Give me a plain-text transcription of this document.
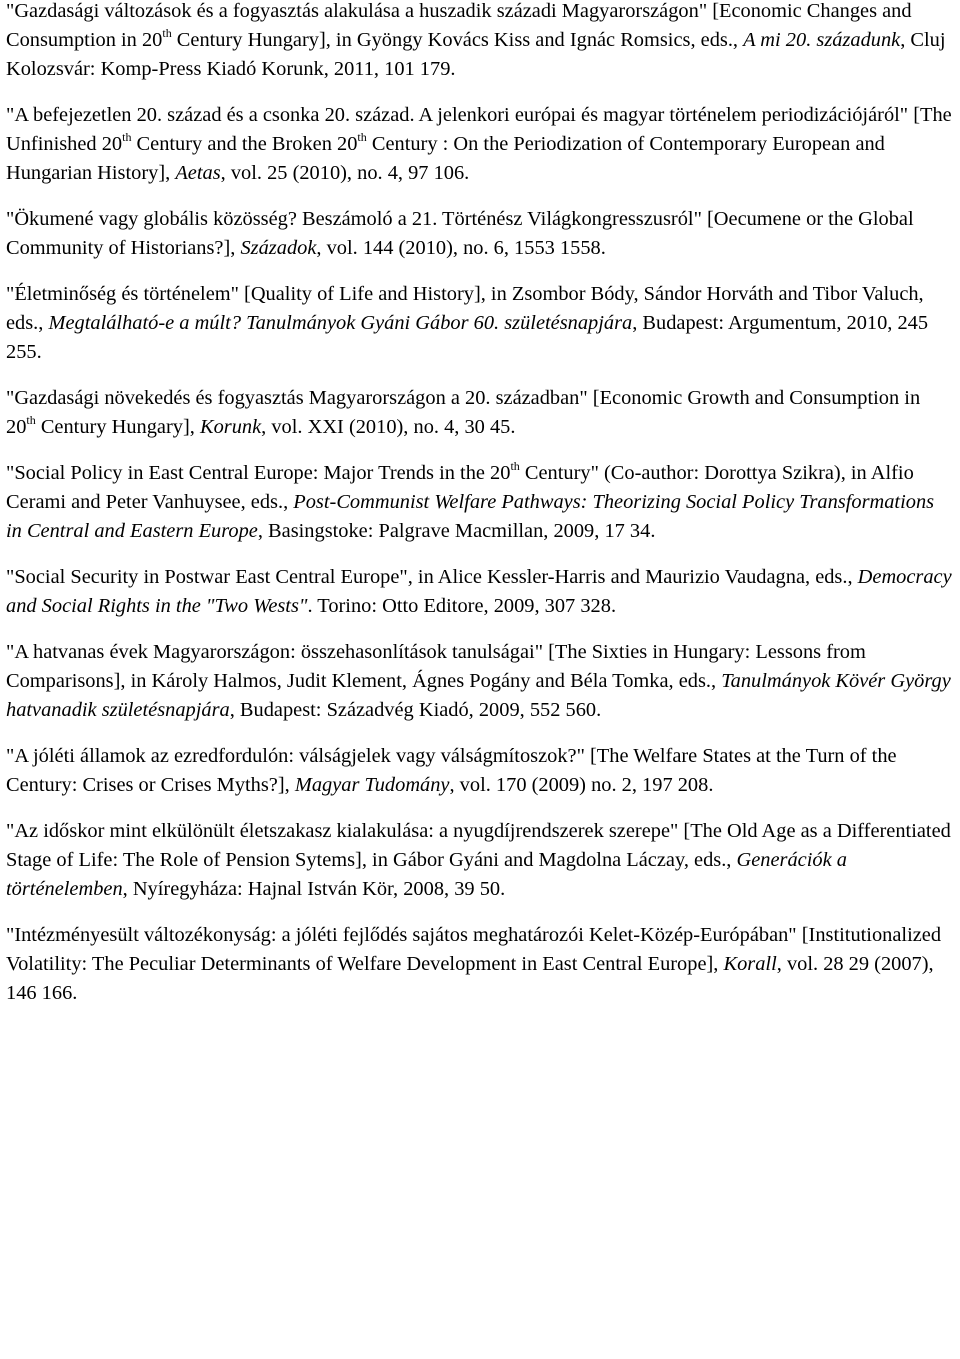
"Gazdasági változások és a fogyasztás alakulása a huszadik századi Magyarországon" [Economic Changes and Consumption in 20th Century Hungary], in Gyöngy Kovács Kiss and Ignác Romsics, eds., A mi 20. századunk, Cluj Kolozsvár: Komp-Press Kiadó Korunk, 2011, 101 179.

"A befejezetlen 20. század és a csonka 20. század. A jelenkori európai és magyar történelem periodizációjáról" [The Unfinished 20th Century and the Broken 20th Century : On the Periodization of Contemporary European and Hungarian History], Aetas, vol. 25 (2010), no. 4, 97 106.

"Ökumené vagy globális közösség? Beszámoló a 21. Történész Világkongresszusról" [Oecumene or the Global Community of Historians?], Századok, vol. 144 (2010), no. 6, 1553 1558.

"Életminőség és történelem" [Quality of Life and History], in Zsombor Bódy, Sándor Horváth and Tibor Valuch, eds., Megtalálható-e a múlt? Tanulmányok Gyáni Gábor 60. születésnapjára, Budapest: Argumentum, 2010, 245 255.

"Gazdasági növekedés és fogyasztás Magyarországon a 20. században" [Economic Growth and Consumption in 20th Century Hungary], Korunk, vol. XXI (2010), no. 4, 30 45.

"Social Policy in East Central Europe: Major Trends in the 20th Century" (Co-author: Dorottya Szikra), in Alfio Cerami and Peter Vanhuysee, eds., Post-Communist Welfare Pathways: Theorizing Social Policy Transformations in Central and Eastern Europe, Basingstoke: Palgrave Macmillan, 2009, 17 34.

"Social Security in Postwar East Central Europe", in Alice Kessler-Harris and Maurizio Vaudagna, eds., Democracy and Social Rights in the "Two Wests". Torino: Otto Editore, 2009, 307 328.

"A hatvanas évek Magyarországon: összehasonlítások tanulságai" [The Sixties in Hungary: Lessons from Comparisons], in Károly Halmos, Judit Klement, Ágnes Pogány and Béla Tomka, eds., Tanulmányok Kövér György hatvanadik születésnapjára, Budapest: Századvég Kiadó, 2009, 552 560.

"A jóléti államok az ezredfordulón: válságjelek vagy válságmítoszok?" [The Welfare States at the Turn of the Century: Crises or Crises Myths?], Magyar Tudomány, vol. 170 (2009) no. 2, 197 208.

"Az időskor mint elkülönült életszakasz kialakulása: a nyugdíjrendszerek szerepe" [The Old Age as a Differentiated Stage of Life: The Role of Pension Sytems], in Gábor Gyáni and Magdolna Láczay, eds., Generációk a történelemben, Nyíregyháza: Hajnal István Kör, 2008, 39 50.

"Intézményesült változékonyság: a jóléti fejlődés sajátos meghatározói Kelet-Közép-Európában" [Institutionalized Volatility: The Peculiar Determinants of Welfare Development in East Central Europe], Korall, vol. 28 29 (2007), 146 166.
